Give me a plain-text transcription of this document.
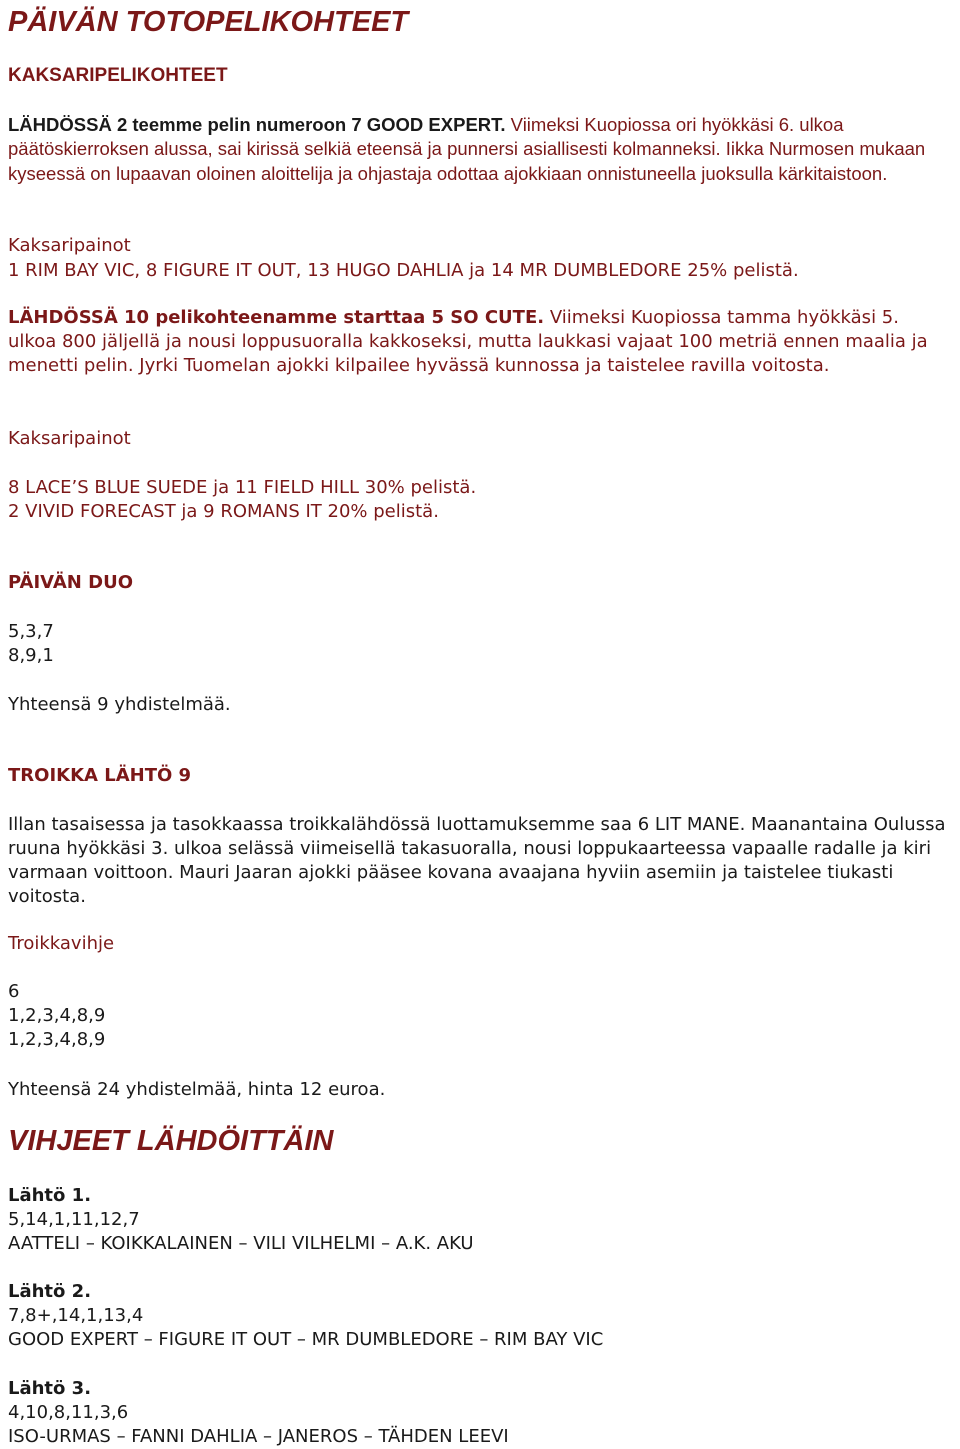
PÄIVÄN TOTOPELIKOHTEET
KAKSARIPELIKOHTEET

LÄHDÖSSÄ 2 teemme pelin numeroon 7 GOOD EXPERT. Viimeksi Kuopiossa ori hyökkäsi 6. ulkoa päätöskierroksen alussa, sai kirissä selkiä eteensä ja punnersi asiallisesti kolmanneksi. Iikka Nurmosen mukaan kyseessä on lupaavan oloinen aloittelija ja ohjastaja odottaa ajokkiaan onnistuneella juoksulla kärkitaistoon.

Kaksaripainot
1 RIM BAY VIC, 8 FIGURE IT OUT, 13 HUGO DAHLIA ja 14 MR DUMBLEDORE 25% pelistä.

LÄHDÖSSÄ 10 pelikohteenamme starttaa 5 SO CUTE. Viimeksi Kuopiossa tamma hyökkäsi 5. ulkoa 800 jäljellä ja nousi loppusuoralla kakkoseksi, mutta laukkasi vajaat 100 metriä ennen maalia ja menetti pelin. Jyrki Tuomelan ajokki kilpailee hyvässä kunnossa ja taistelee ravilla voitosta.

Kaksaripainot
8 LACE’S BLUE SUEDE ja 11 FIELD HILL 30% pelistä.
2 VIVID FORECAST ja 9 ROMANS IT 20% pelistä.
PÄIVÄN DUO
5,3,7
8,9,1
Yhteensä 9 yhdistelmää.
TROIKKA LÄHTÖ 9

Illan tasaisessa ja tasokkaassa troikkalähdössä luottamuksemme saa 6 LIT MANE. Maanantaina Oulussa ruuna hyökkäsi 3. ulkoa selässä viimeisellä takasuoralla, nousi loppukaarteessa vapaalle radalle ja kiri varmaan voittoon. Mauri Jaaran ajokki pääsee kovana avaajana hyviin asemiin ja taistelee tiukasti voitosta.

Troikkavihje
6
1,2,3,4,8,9
1,2,3,4,8,9
Yhteensä 24 yhdistelmää, hinta 12 euroa.
VIHJEET LÄHDÖITTÄIN
Lähtö 1.
5,14,1,11,12,7
AATTELI – KOIKKALAINEN – VILI VILHELMI – A.K. AKU
Lähtö 2.
7,8+,14,1,13,4
GOOD EXPERT – FIGURE IT OUT – MR DUMBLEDORE – RIM BAY VIC
Lähtö 3.
4,10,8,11,3,6
ISO-URMAS – FANNI DAHLIA – JANEROS – TÄHDEN LEEVI
